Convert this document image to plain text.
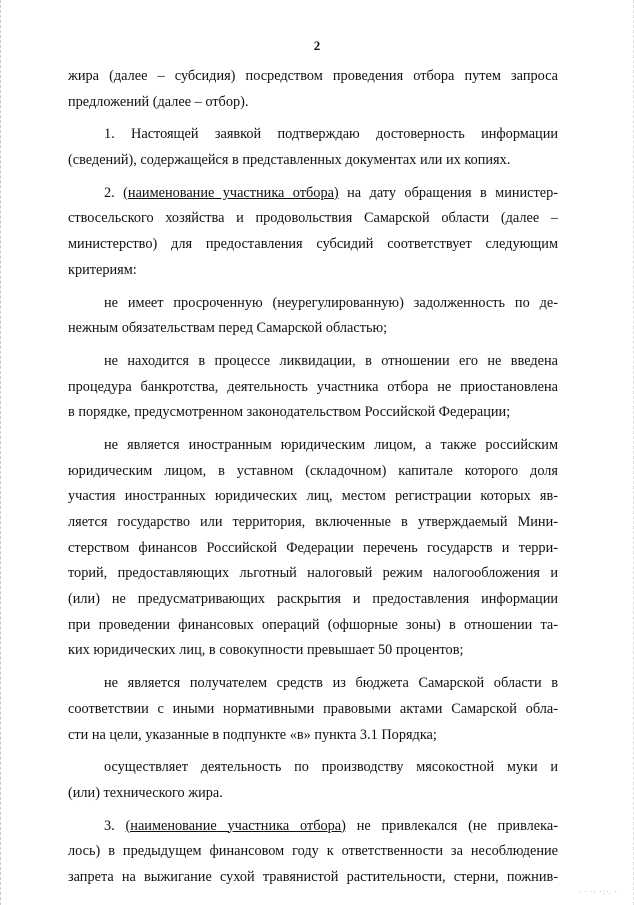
2
жира (далее – субсидия) посредством проведения отбора путем запроса
предложений (далее – отбор).
1. Настоящей заявкой подтверждаю достоверность информации
(сведений), содержащейся в представленных документах или их копиях.
2. (наименование участника отбора) на дату обращения в министер-
ствосельского хозяйства и продовольствия Самарской области (далее –
министерство) для предоставления субсидий соответствует следующим
критериям:
не имеет просроченную (неурегулированную) задолженность по де-
нежным обязательствам перед Самарской областью;
не находится в процессе ликвидации, в отношении его не введена
процедура банкротства, деятельность участника отбора не приостановлена
в порядке, предусмотренном законодательством Российской Федерации;
не является иностранным юридическим лицом, а также российским
юридическим лицом, в уставном (складочном) капитале которого доля
участия иностранных юридических лиц, местом регистрации которых яв-
ляется государство или территория, включенные в утверждаемый Мини-
стерством финансов Российской Федерации перечень государств и терри-
торий, предоставляющих льготный налоговый режим налогообложения и
(или) не предусматривающих раскрытия и предоставления информации
при проведении финансовых операций (офшорные зоны) в отношении та-
ких юридических лиц, в совокупности превышает 50 процентов;
не является получателем средств из бюджета Самарской области в
соответствии с иными нормативными правовыми актами Самарской обла-
сти на цели, указанные в подпункте «в» пункта 3.1 Порядка;
осуществляет деятельность по производству мясокостной муки и
(или) технического жира.
3. (наименование участника отбора) не привлекался (не привлека-
лось) в предыдущем финансовом году к ответственности за несоблюдение
запрета на выжигание сухой травянистой растительности, стерни, пожнив-
· · ·· ·:·. ·
